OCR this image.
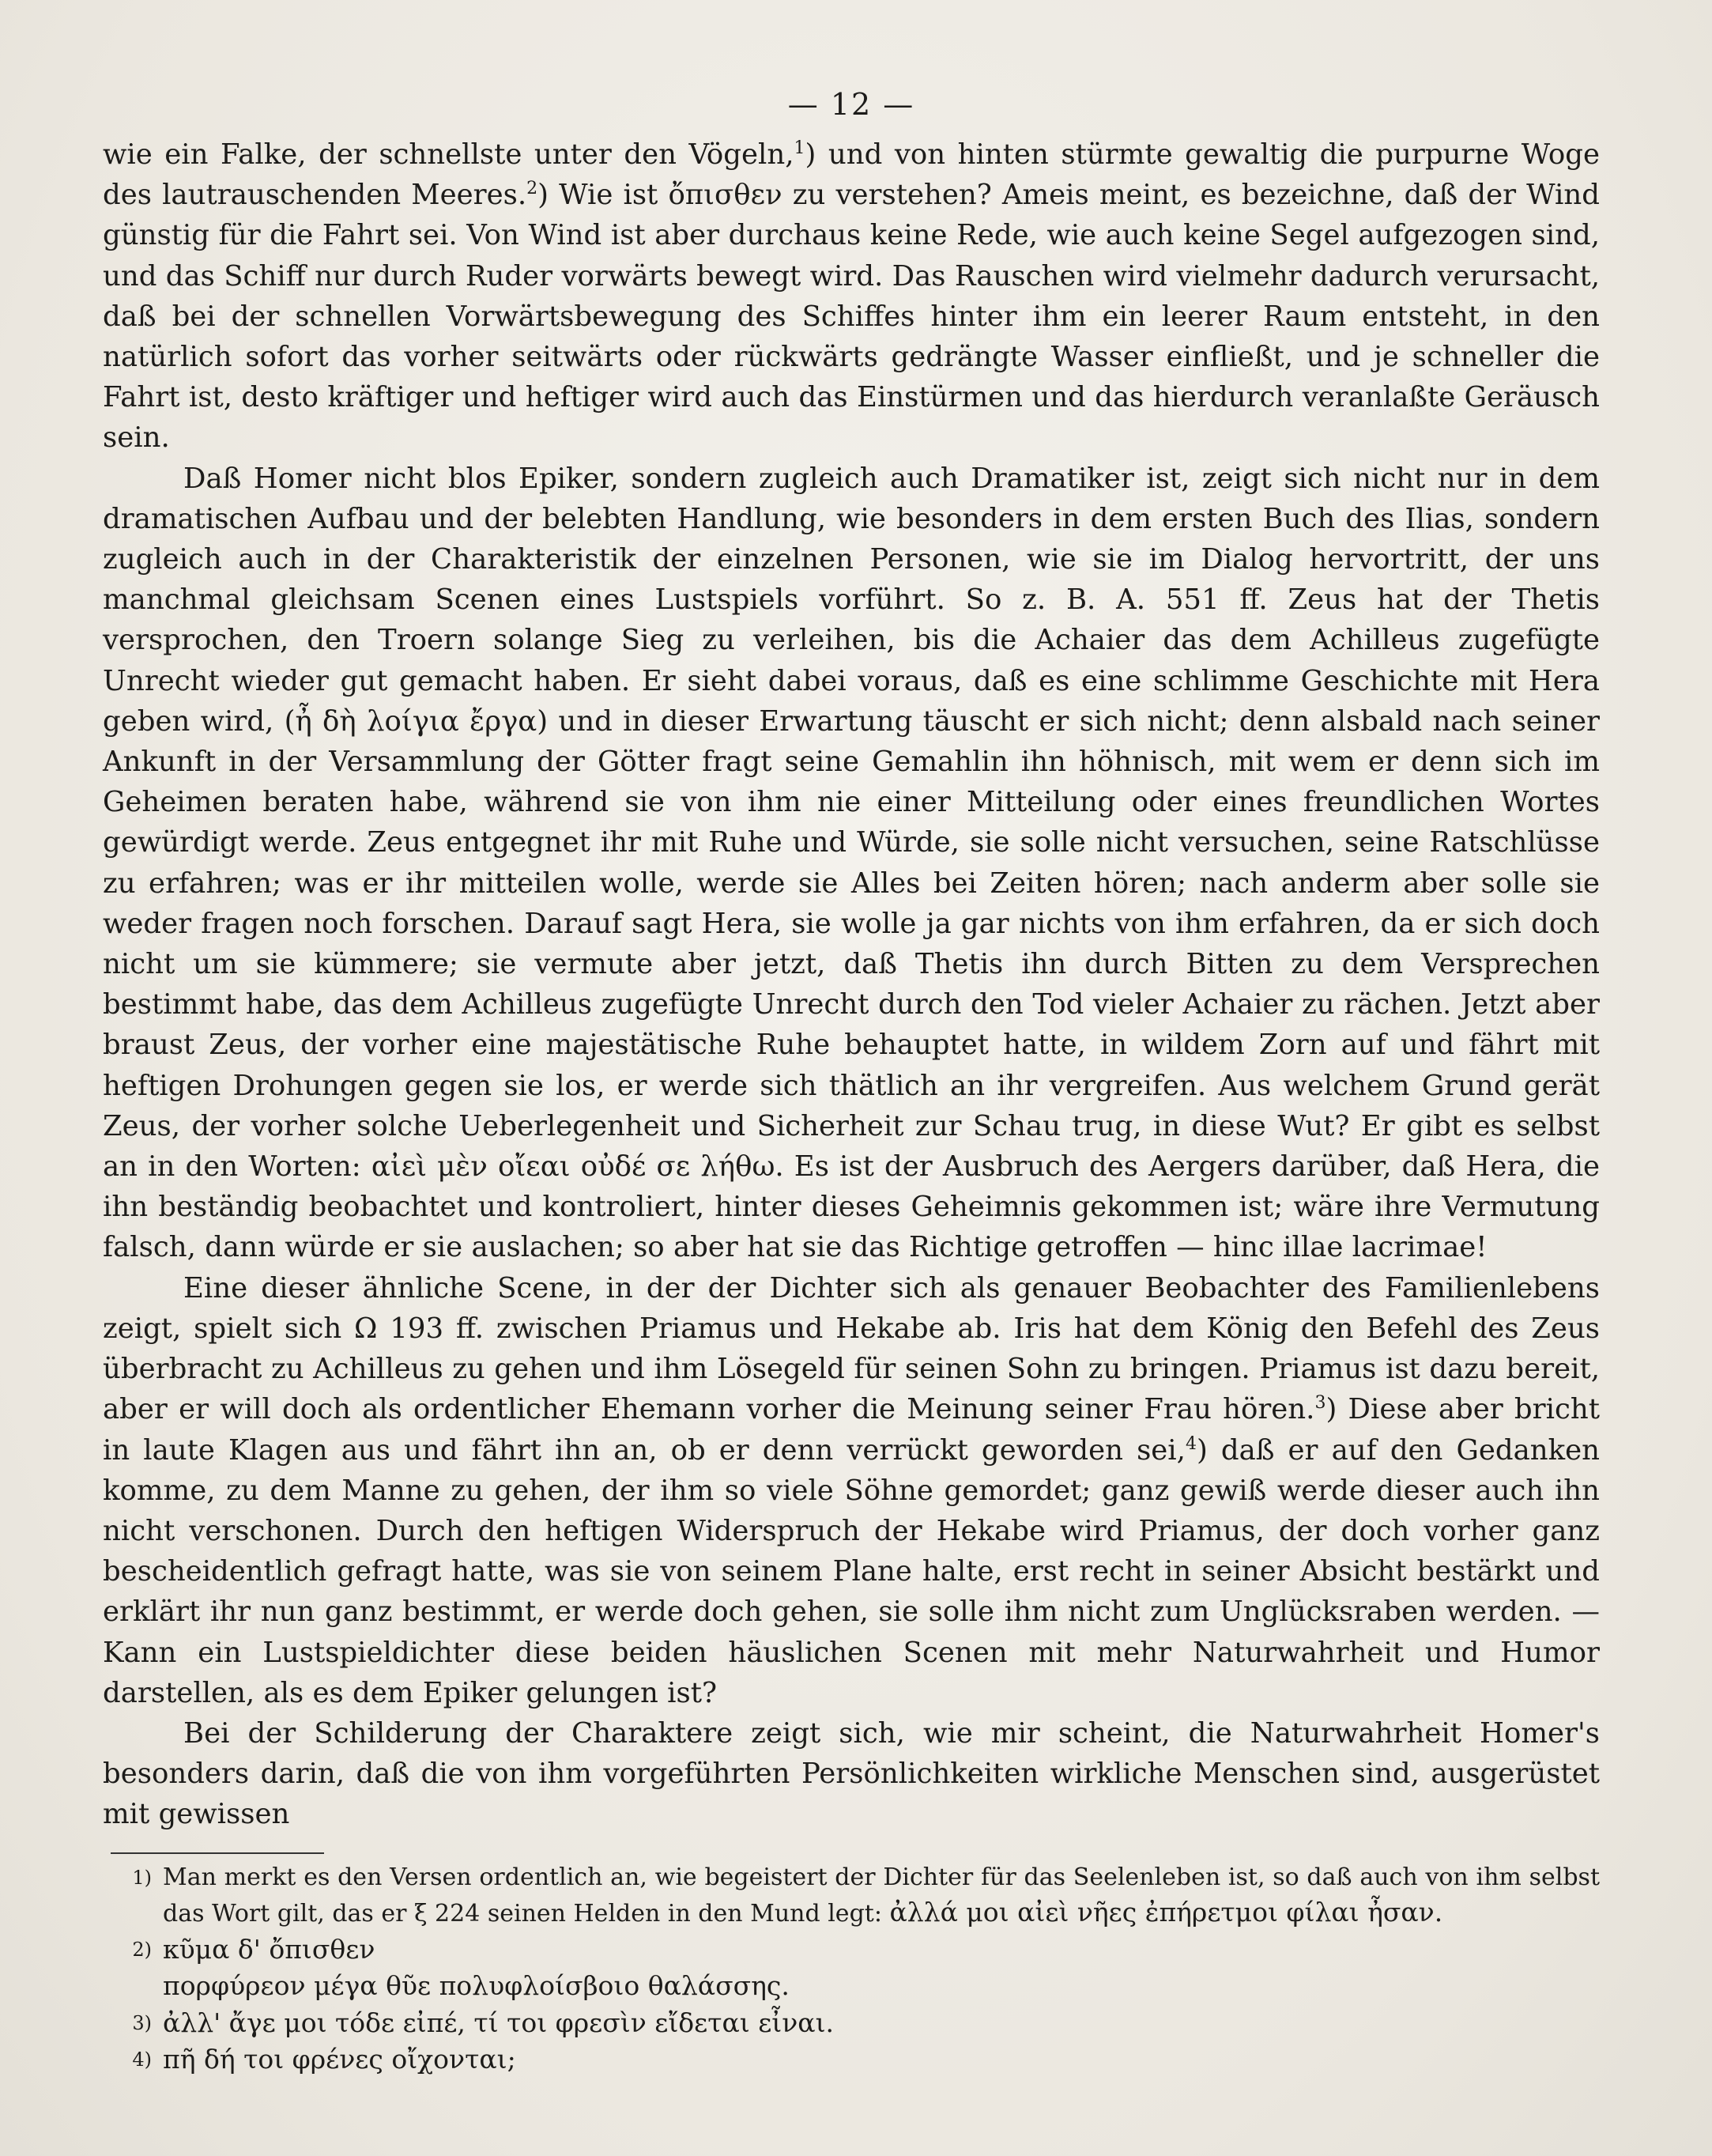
— 12 —

wie ein Falke, der schnellste unter den Vögeln,$^1$) und von hinten stürmte gewaltig die purpurne Woge des lautrauschenden Meeres.$^2$) Wie ist ὄπισθεν zu verstehen? Ameis meint, es bezeichne, daß der Wind günstig für die Fahrt sei. Von Wind ist aber durchaus keine Rede, wie auch keine Segel aufgezogen sind, und das Schiff nur durch Ruder vorwärts bewegt wird. Das Rauschen wird vielmehr dadurch verursacht, daß bei der schnellen Vorwärtsbewegung des Schiffes hinter ihm ein leerer Raum entsteht, in den natürlich sofort das vorher seitwärts oder rückwärts gedrängte Wasser einfließt, und je schneller die Fahrt ist, desto kräftiger und heftiger wird auch das Einstürmen und das hierdurch veranlaßte Geräusch sein.

Daß Homer nicht blos Epiker, sondern zugleich auch Dramatiker ist, zeigt sich nicht nur in dem dramatischen Aufbau und der belebten Handlung, wie besonders in dem ersten Buch des Ilias, sondern zugleich auch in der Charakteristik der einzelnen Personen, wie sie im Dialog hervortritt, der uns manchmal gleichsam Scenen eines Lustspiels vorführt. So z. B. A. 551 ff. Zeus hat der Thetis versprochen, den Troern solange Sieg zu verleihen, bis die Achaier das dem Achilleus zugefügte Unrecht wieder gut gemacht haben. Er sieht dabei voraus, daß es eine schlimme Geschichte mit Hera geben wird, (ἦ δὴ λοίγια ἔργα) und in dieser Erwartung täuscht er sich nicht; denn alsbald nach seiner Ankunft in der Versammlung der Götter fragt seine Gemahlin ihn höhnisch, mit wem er denn sich im Geheimen beraten habe, während sie von ihm nie einer Mitteilung oder eines freundlichen Wortes gewürdigt werde. Zeus entgegnet ihr mit Ruhe und Würde, sie solle nicht versuchen, seine Ratschlüsse zu erfahren; was er ihr mitteilen wolle, werde sie Alles bei Zeiten hören; nach anderm aber solle sie weder fragen noch forschen. Darauf sagt Hera, sie wolle ja gar nichts von ihm erfahren, da er sich doch nicht um sie kümmere; sie vermute aber jetzt, daß Thetis ihn durch Bitten zu dem Versprechen bestimmt habe, das dem Achilleus zugefügte Unrecht durch den Tod vieler Achaier zu rächen. Jetzt aber braust Zeus, der vorher eine majestätische Ruhe behauptet hatte, in wildem Zorn auf und fährt mit heftigen Drohungen gegen sie los, er werde sich thätlich an ihr vergreifen. Aus welchem Grund gerät Zeus, der vorher solche Ueberlegenheit und Sicherheit zur Schau trug, in diese Wut? Er gibt es selbst an in den Worten: αἰεὶ μὲν οἴεαι οὐδέ σε λήθω. Es ist der Ausbruch des Aergers darüber, daß Hera, die ihn beständig beobachtet und kontroliert, hinter dieses Geheimnis gekommen ist; wäre ihre Vermutung falsch, dann würde er sie auslachen; so aber hat sie das Richtige getroffen — hinc illae lacrimae!

Eine dieser ähnliche Scene, in der der Dichter sich als genauer Beobachter des Familienlebens zeigt, spielt sich Ω 193 ff. zwischen Priamus und Hekabe ab. Iris hat dem König den Befehl des Zeus überbracht zu Achilleus zu gehen und ihm Lösegeld für seinen Sohn zu bringen. Priamus ist dazu bereit, aber er will doch als ordentlicher Ehemann vorher die Meinung seiner Frau hören.$^3$) Diese aber bricht in laute Klagen aus und fährt ihn an, ob er denn verrückt geworden sei,$^4$) daß er auf den Gedanken komme, zu dem Manne zu gehen, der ihm so viele Söhne gemordet; ganz gewiß werde dieser auch ihn nicht verschonen. Durch den heftigen Widerspruch der Hekabe wird Priamus, der doch vorher ganz bescheidentlich gefragt hatte, was sie von seinem Plane halte, erst recht in seiner Absicht bestärkt und erklärt ihr nun ganz bestimmt, er werde doch gehen, sie solle ihm nicht zum Unglücksraben werden. — Kann ein Lustspieldichter diese beiden häuslichen Scenen mit mehr Naturwahrheit und Humor darstellen, als es dem Epiker gelungen ist?

Bei der Schilderung der Charaktere zeigt sich, wie mir scheint, die Naturwahrheit Homer's besonders darin, daß die von ihm vorgeführten Persönlichkeiten wirkliche Menschen sind, ausgerüstet mit gewissen

1) Man merkt es den Versen ordentlich an, wie begeistert der Dichter für das Seelenleben ist, so daß auch von ihm selbst das Wort gilt, das er ξ 224 seinen Helden in den Mund legt: ἀλλά μοι αἰεὶ νῆες ἐπήρετμοι φίλαι ἦσαν.
2) κῦμα δ' ὄπισθεν
πορφύρεον μέγα θῦε πολυφλοίσβοιο θαλάσσης.
3) ἀλλ' ἄγε μοι τόδε εἰπέ, τί τοι φρεσὶν εἴδεται εἶναι.
4) πῆ δή τοι φρένες οἴχονται;
